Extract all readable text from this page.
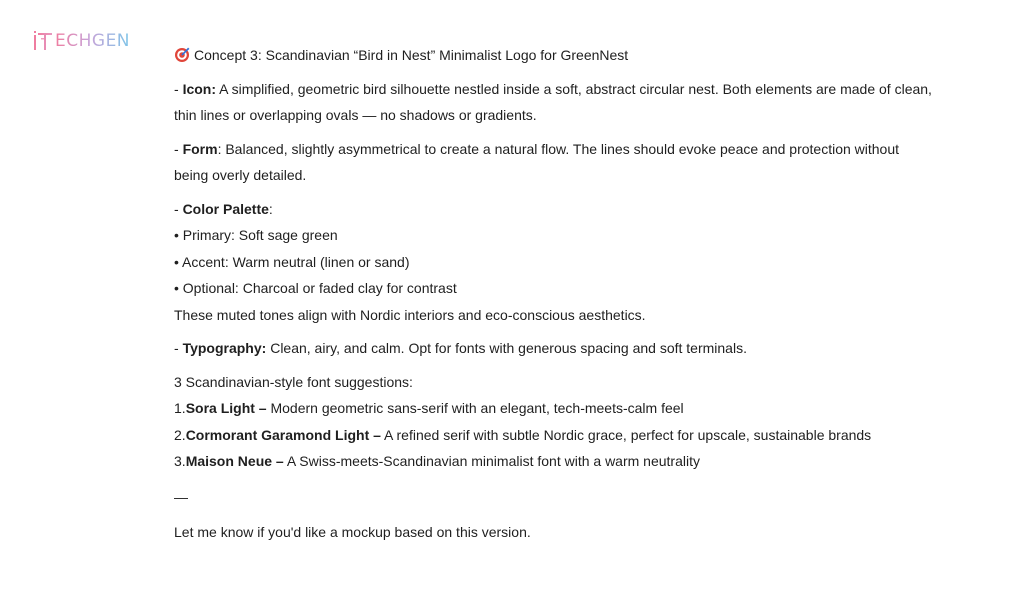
ECHGEN
Concept 3: Scandinavian “Bird in Nest” Minimalist Logo for GreenNest
- Icon: A simplified, geometric bird silhouette nestled inside a soft, abstract circular nest. Both elements are made of clean, thin lines or overlapping ovals — no shadows or gradients.
- Form: Balanced, slightly asymmetrical to create a natural flow. The lines should evoke peace and protection without being overly detailed.
- Color Palette:
• Primary: Soft sage green
• Accent: Warm neutral (linen or sand)
• Optional: Charcoal or faded clay for contrast
These muted tones align with Nordic interiors and eco-conscious aesthetics.
- Typography: Clean, airy, and calm. Opt for fonts with generous spacing and soft terminals.
3 Scandinavian-style font suggestions:
1.Sora Light – Modern geometric sans-serif with an elegant, tech-meets-calm feel
2.Cormorant Garamond Light – A refined serif with subtle Nordic grace, perfect for upscale, sustainable brands
3.Maison Neue – A Swiss-meets-Scandinavian minimalist font with a warm neutrality
—
Let me know if you'd like a mockup based on this version.
